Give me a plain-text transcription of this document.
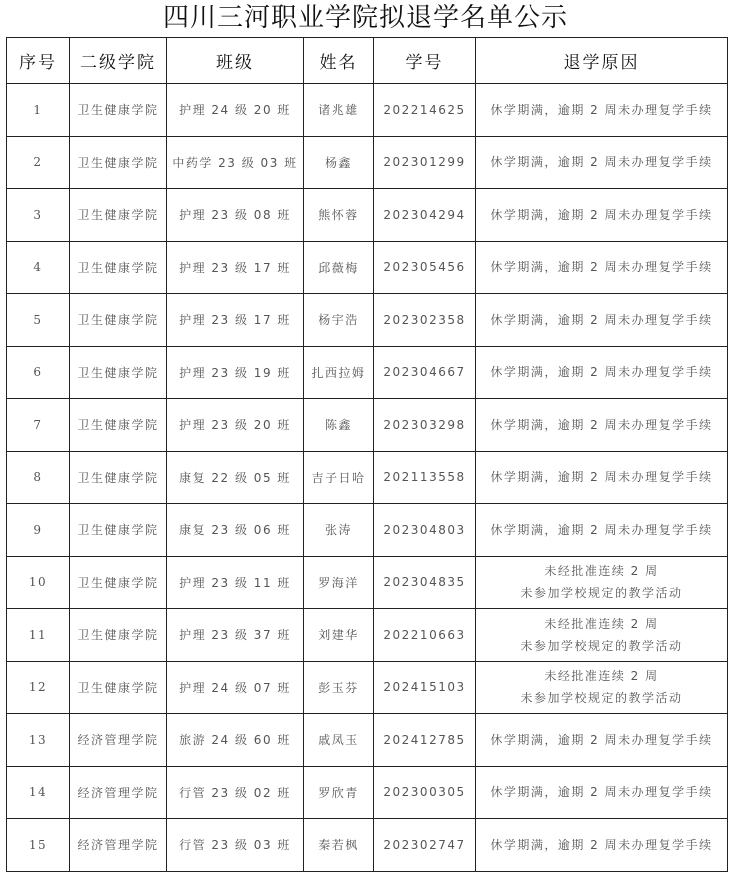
四川三河职业学院拟退学名单公示
序号	二级学院	班级	姓名	学号	退学原因
1	卫生健康学院	护理 24 级 20 班	诸兆雄	202214625	休学期满，逾期 2 周未办理复学手续

2	卫生健康学院	中药学 23 级 03 班	杨鑫	202301299	休学期满，逾期 2 周未办理复学手续

3	卫生健康学院	护理 23 级 08 班	熊怀蓉	202304294	休学期满，逾期 2 周未办理复学手续

4	卫生健康学院	护理 23 级 17 班	邱薇梅	202305456	休学期满，逾期 2 周未办理复学手续

5	卫生健康学院	护理 23 级 17 班	杨宇浩	202302358	休学期满，逾期 2 周未办理复学手续

6	卫生健康学院	护理 23 级 19 班	扎西拉姆	202304667	休学期满，逾期 2 周未办理复学手续

7	卫生健康学院	护理 23 级 20 班	陈鑫	202303298	休学期满，逾期 2 周未办理复学手续

8	卫生健康学院	康复 22 级 05 班	吉子日哈	202113558	休学期满，逾期 2 周未办理复学手续

9	卫生健康学院	康复 23 级 06 班	张涛	202304803	休学期满，逾期 2 周未办理复学手续

10	卫生健康学院	护理 23 级 11 班	罗海洋	202304835	未经批准连续 2 周
未参加学校规定的教学活动

11	卫生健康学院	护理 23 级 37 班	刘建华	202210663	未经批准连续 2 周
未参加学校规定的教学活动

12	卫生健康学院	护理 24 级 07 班	彭玉芬	202415103	未经批准连续 2 周
未参加学校规定的教学活动

13	经济管理学院	旅游 24 级 60 班	戚凤玉	202412785	休学期满，逾期 2 周未办理复学手续

14	经济管理学院	行管 23 级 02 班	罗欣青	202300305	休学期满，逾期 2 周未办理复学手续

15	经济管理学院	行管 23 级 03 班	秦若枫	202302747	休学期满，逾期 2 周未办理复学手续
